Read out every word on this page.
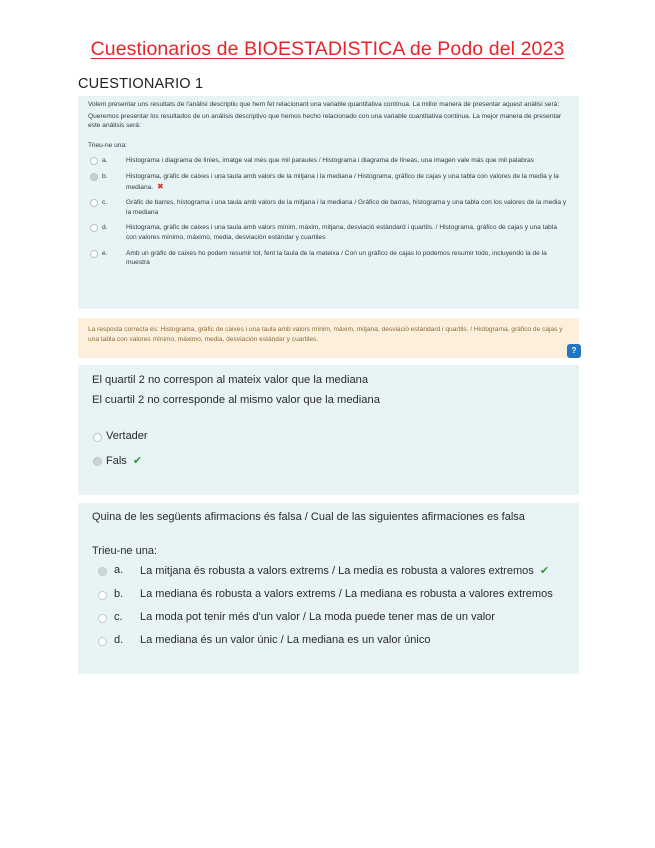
Cuestionarios de BIOESTADISTICA de Podo del 2023
CUESTIONARIO 1

Volem presentar uns resultats de l'anàlisi descriptiu que hem fet relacionant una variable quantitativa contínua. La millor manera de presentar aquest anàlisi serà:

Queremos presentar los resultados de un análisis descriptivo que hemos hecho relacionado con una variable cuantitativa continua. La mejor manera de presentar este análisis será:

Trieu-ne una:

a.	Histograma i diagrama de línies, imatge val més que mil paraules / Histograma i diagrama de líneas, una imagen vale más que mil palabras
b.	Histograma, gràfic de caixes i una taula amb valors de la mitjana i la mediana / Histograma, gráfico de cajas y una tabla con valores de la media y la mediana. ✖
c.	Gràfic de barres, histograma i una taula amb valors de la mitjana i la mediana / Gráfico de barras, histograma y una tabla con los valores de la media y la mediana
d.	Histograma, gràfic de caixes i una taula amb valors mínim, màxim, mitjana, desviació estàndard i quartils. / Histograma, gráfico de cajas y una tabla con valores mínimo, máximo, media, desviación estándar y cuartiles
e.	Amb un gràfic de caixes ho podem resumir tot, fent la taula de la mateixa / Con un gráfico de cajas lo podemos resumir todo, incluyendo la de la muestra
La resposta correcta és: Histograma, gràfic de caixes i una taula amb valors mínim, màxim, mitjana, desviació estàndard i quartils. / Histograma, gráfico de cajas y una tabla con valores mínimo, máximo, media, desviación estándar y cuartiles.
?

El quartil 2 no correspon al mateix valor que la mediana

El cuartil 2 no corresponde al mismo valor que la mediana

Vertader
Fals ✔

Quina de les següents afirmacions és falsa / Cual de las siguientes afirmaciones es falsa

Trieu-ne una:

a. La mitjana és robusta a valors extrems / La media es robusta a valores extremos ✔
b. La mediana és robusta a valors extrems / La mediana es robusta a valores extremos
c. La moda pot tenir més d'un valor / La moda puede tener mas de un valor
d. La mediana és un valor únic / La mediana es un valor único
